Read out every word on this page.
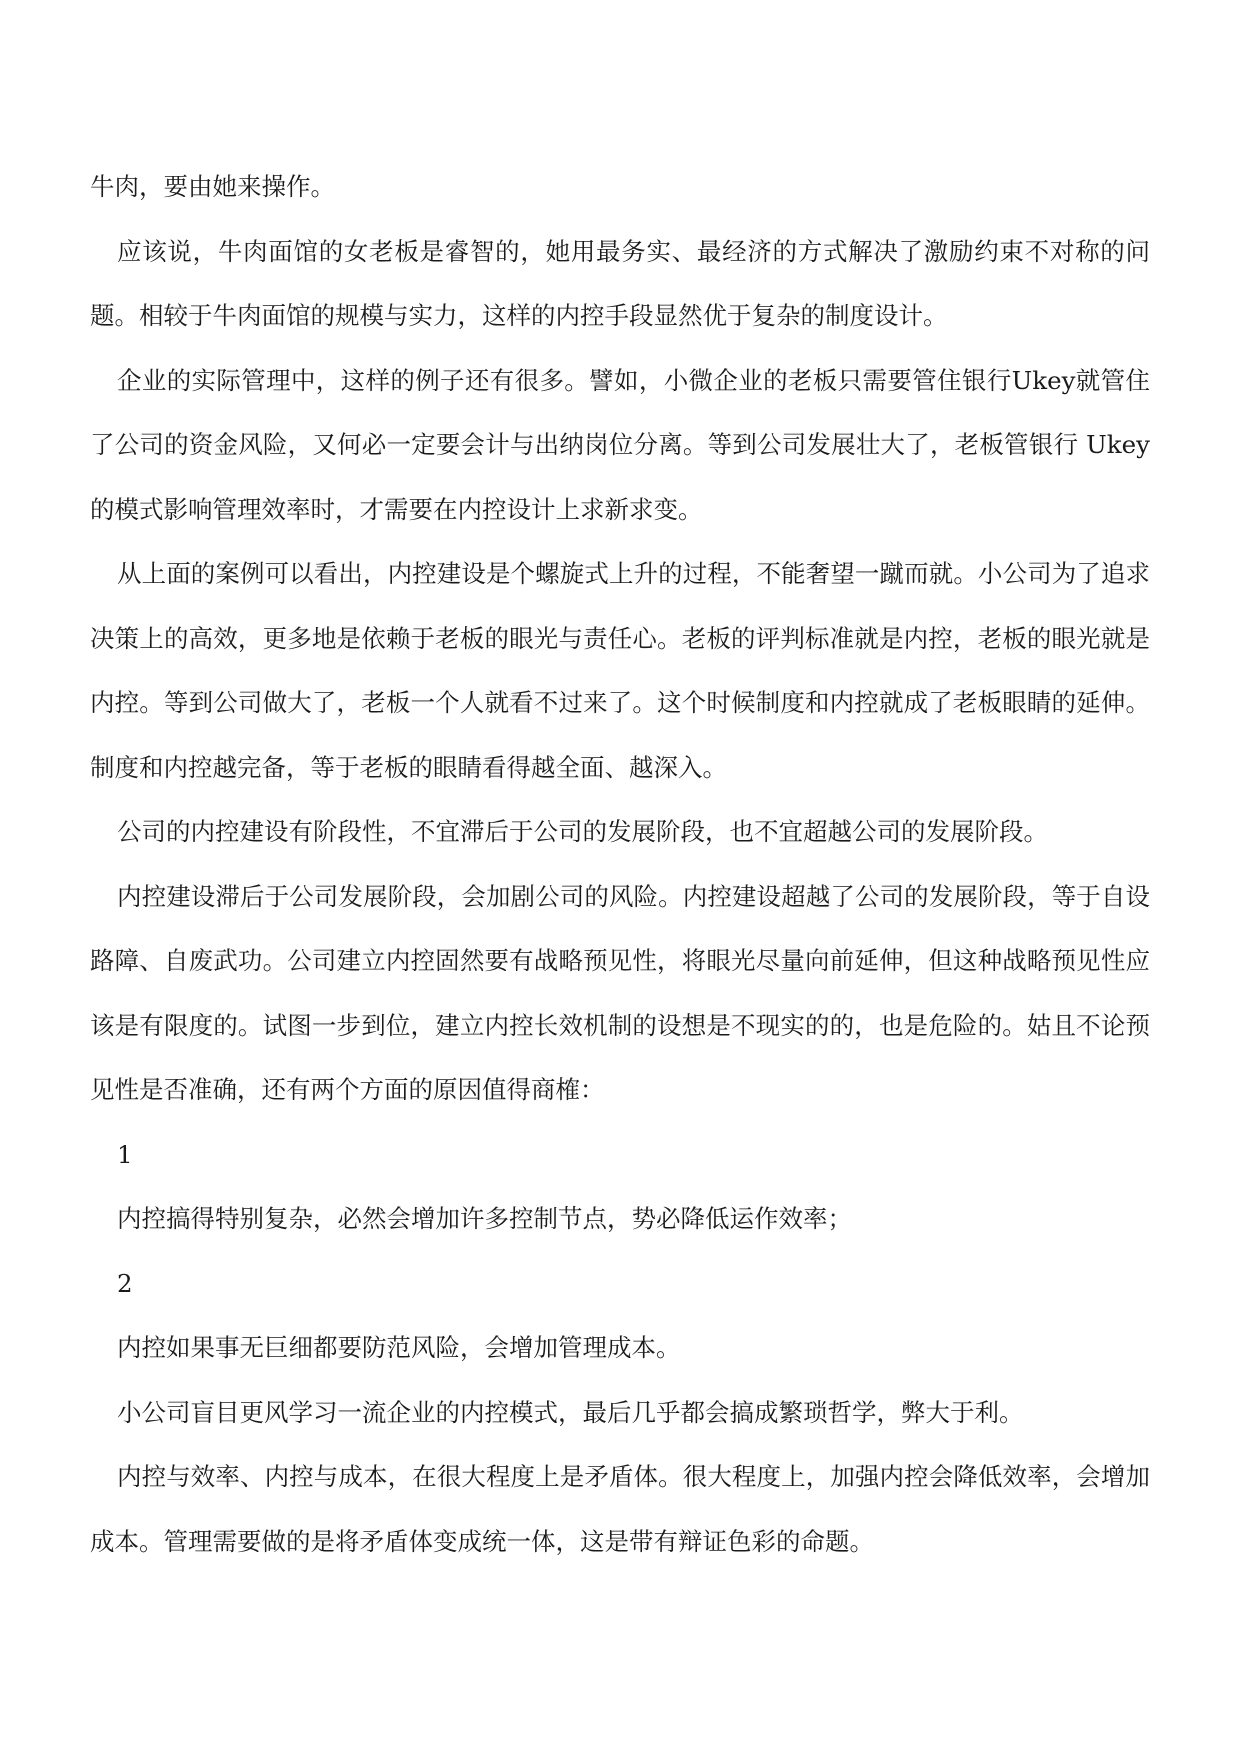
牛肉，要由她来操作。

应该说，牛肉面馆的女老板是睿智的，她用最务实、最经济的方式解决了激励约束不对称的问题。相较于牛肉面馆的规模与实力，这样的内控手段显然优于复杂的制度设计。

企业的实际管理中，这样的例子还有很多。譬如，小微企业的老板只需要管住银行Ukey就管住了公司的资金风险，又何必一定要会计与出纳岗位分离。等到公司发展壮大了，老板管银行 Ukey 的模式影响管理效率时，才需要在内控设计上求新求变。

从上面的案例可以看出，内控建设是个螺旋式上升的过程，不能奢望一蹴而就。小公司为了追求决策上的高效，更多地是依赖于老板的眼光与责任心。老板的评判标准就是内控，老板的眼光就是内控。等到公司做大了，老板一个人就看不过来了。这个时候制度和内控就成了老板眼睛的延伸。制度和内控越完备，等于老板的眼睛看得越全面、越深入。

公司的内控建设有阶段性，不宜滞后于公司的发展阶段，也不宜超越公司的发展阶段。

内控建设滞后于公司发展阶段，会加剧公司的风险。内控建设超越了公司的发展阶段，等于自设路障、自废武功。公司建立内控固然要有战略预见性，将眼光尽量向前延伸，但这种战略预见性应该是有限度的。试图一步到位，建立内控长效机制的设想是不现实的的，也是危险的。姑且不论预见性是否准确，还有两个方面的原因值得商榷：

1

内控搞得特别复杂，必然会增加许多控制节点，势必降低运作效率；

2

内控如果事无巨细都要防范风险，会增加管理成本。

小公司盲目更风学习一流企业的内控模式，最后几乎都会搞成繁琐哲学，弊大于利。

内控与效率、内控与成本，在很大程度上是矛盾体。很大程度上，加强内控会降低效率，会增加成本。管理需要做的是将矛盾体变成统一体，这是带有辩证色彩的命题。
